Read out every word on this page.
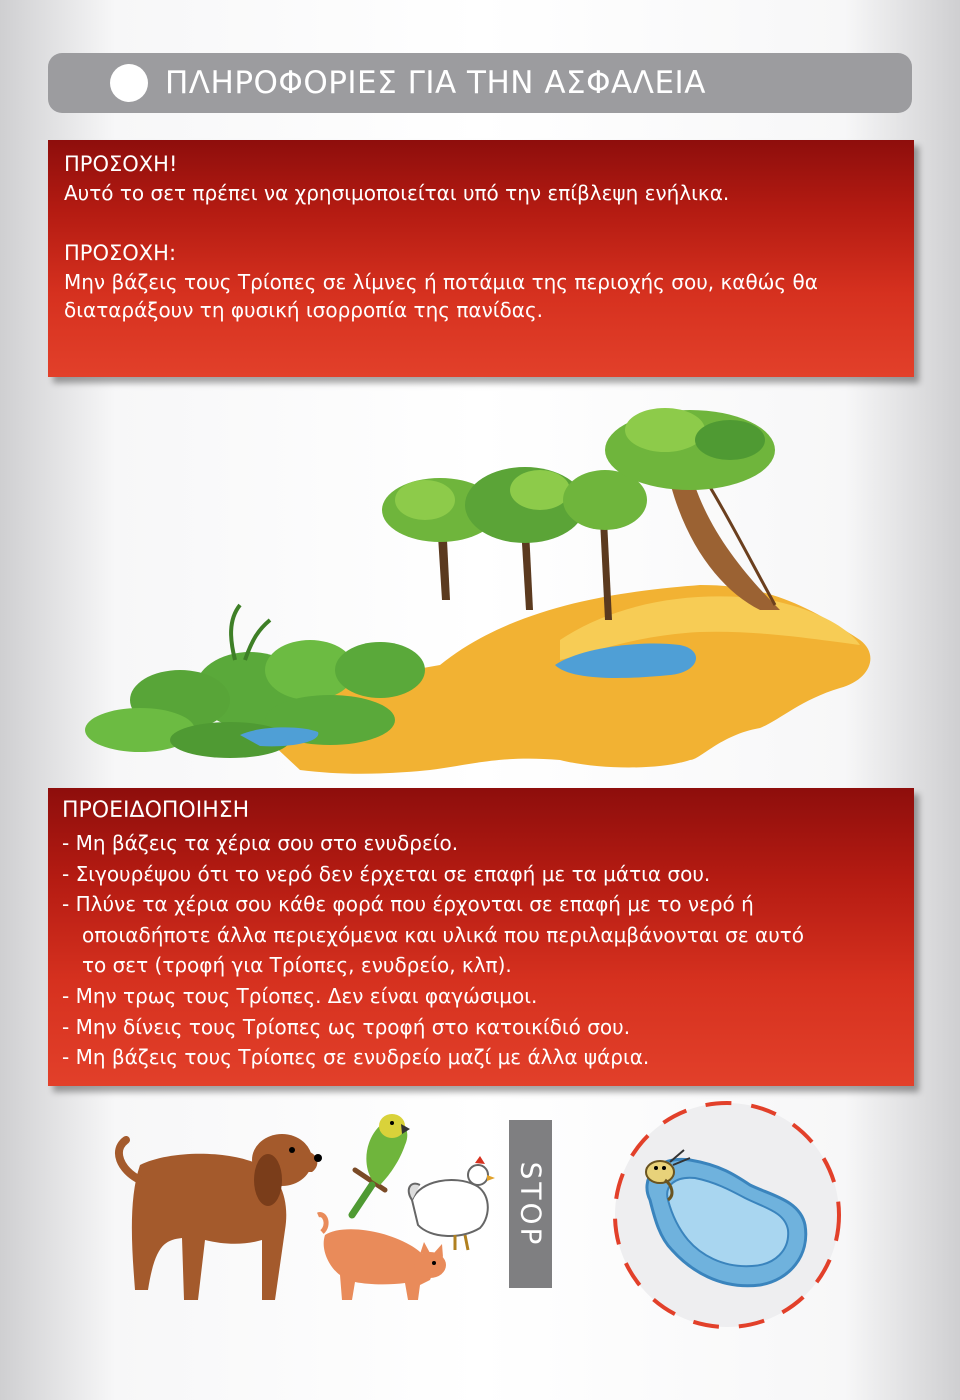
ΠΛΗΡΟΦΟΡΙΕΣ ΓΙΑ ΤΗΝ ΑΣΦΑΛΕΙΑ
ΠΡΟΣΟΧΗ!
Αυτό το σετ πρέπει να χρησιμοποιείται υπό την επίβλεψη ενήλικα.
ΠΡΟΣΟΧΗ:
Μην βάζεις τους Τρίοπες σε λίμνες ή ποτάμια της περιοχής σου, καθώς θα
διαταράξουν τη φυσική ισορροπία της πανίδας.
ΠΡΟΕΙΔΟΠΟΙΗΣΗ
- Μη βάζεις τα χέρια σου στο ενυδρείο.
- Σιγουρέψου ότι το νερό δεν έρχεται σε επαφή με τα μάτια σου.
- Πλύνε τα χέρια σου κάθε φορά που έρχονται σε επαφή με το νερό ή
οποιαδήποτε άλλα περιεχόμενα και υλικά που περιλαμβάνονται σε αυτό
το σετ (τροφή για Τρίοπες, ενυδρείο, κλπ).
- Μην τρως τους Τρίοπες. Δεν είναι φαγώσιμοι.
- Μην δίνεις τους Τρίοπες ως τροφή στο κατοικίδιό σου.
- Μη βάζεις τους Τρίοπες σε ενυδρείο μαζί με άλλα ψάρια.
STOP
